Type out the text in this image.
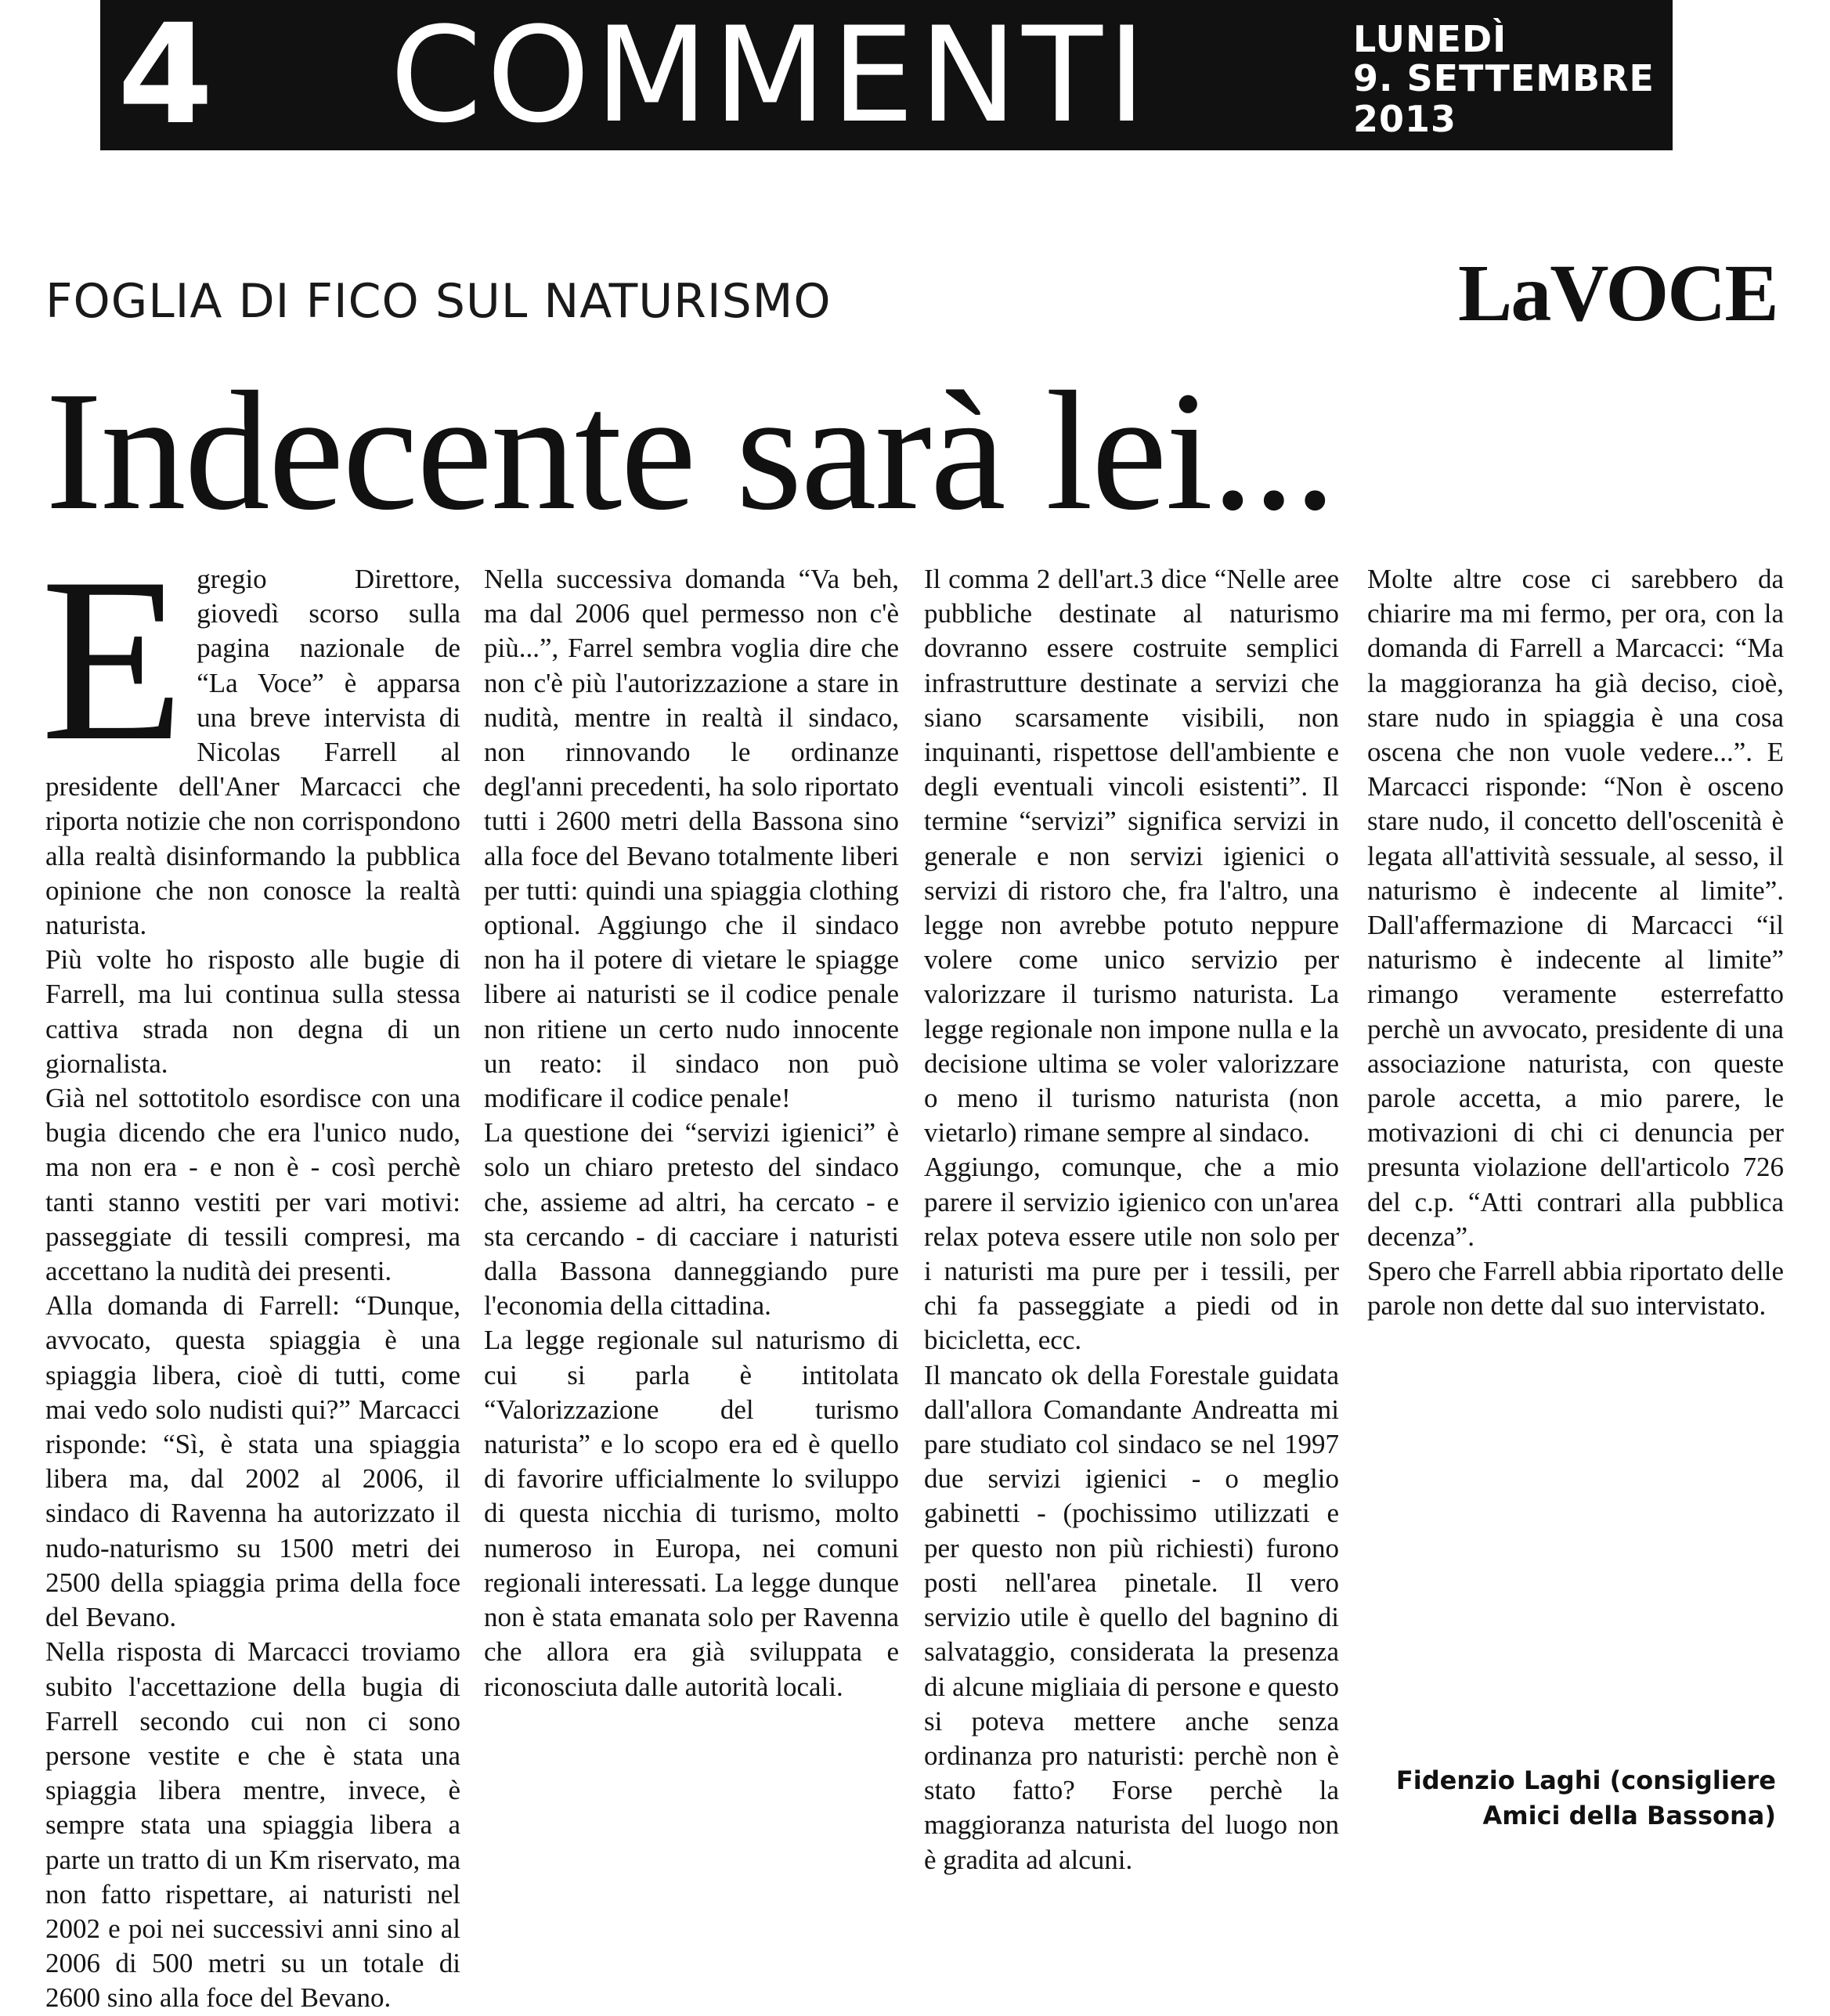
4 COMMENTI	LUNEDÌ
9. SETTEMBRE 2013
FOGLIA DI FICO SUL NATURISMO	LaVOCE
Indecente sarà lei...
E gregio Direttore, giovedì scorso sulla pagina nazionale de “La Voce” è apparsa una breve intervista di Nicolas Farrell al presidente dell'Aner Marcacci che riporta notizie che non corrispondono alla realtà disinformando la pubblica opinione che non conosce la realtà naturista.

Più volte ho risposto alle bugie di Farrell, ma lui continua sulla stessa cattiva strada non degna di un giornalista.

Già nel sottotitolo esordisce con una bugia dicendo che era l'unico nudo, ma non era - e non è - così perchè tanti stanno vestiti per vari motivi: passeggiate di tessili compresi, ma accettano la nudità dei presenti.

Alla domanda di Farrell: “Dunque, avvocato, questa spiaggia è una spiaggia libera, cioè di tutti, come mai vedo solo nudisti qui?” Marcacci risponde: “Sì, è stata una spiaggia libera ma, dal 2002 al 2006, il sindaco di Ravenna ha autorizzato il nudo-naturismo su 1500 metri dei 2500 della spiaggia prima della foce del Bevano.

Nella risposta di Marcacci troviamo subito l'accettazione della bugia di Farrell secondo cui non ci sono persone vestite e che è stata una spiaggia libera mentre, invece, è sempre stata una spiaggia libera a parte un tratto di un Km riservato, ma non fatto rispettare, ai naturisti nel 2002 e poi nei successivi anni sino al 2006 di 500 metri su un totale di 2600 sino alla foce del Bevano.

Nella successiva domanda “Va beh, ma dal 2006 quel permesso non c'è più...”, Farrel sembra voglia dire che non c'è più l'autorizzazione a stare in nudità, mentre in realtà il sindaco, non rinnovando le ordinanze degl'anni precedenti, ha solo riportato tutti i 2600 metri della Bassona sino alla foce del Bevano totalmente liberi per tutti: quindi una spiaggia clothing optional. Aggiungo che il sindaco non ha il potere di vietare le spiagge libere ai naturisti se il codice penale non ritiene un certo nudo innocente un reato: il sindaco non può modificare il codice penale!

La questione dei “servizi igienici” è solo un chiaro pretesto del sindaco che, assieme ad altri, ha cercato - e sta cercando - di cacciare i naturisti dalla Bassona danneggiando pure l'economia della cittadina.

La legge regionale sul naturismo di cui si parla è intitolata “Valorizzazione del turismo naturista” e lo scopo era ed è quello di favorire ufficialmente lo sviluppo di questa nicchia di turismo, molto numeroso in Europa, nei comuni regionali interessati. La legge dunque non è stata emanata solo per Ravenna che allora era già sviluppata e riconosciuta dalle autorità locali.

Il comma 2 dell'art.3 dice “Nelle aree pubbliche destinate al naturismo dovranno essere costruite semplici infrastrutture destinate a servizi che siano scarsamente visibili, non inquinanti, rispettose dell'ambiente e degli eventuali vincoli esistenti”. Il termine “servizi” significa servizi in generale e non servizi igienici o servizi di ristoro che, fra l'altro, una legge non avrebbe potuto neppure volere come unico servizio per valorizzare il turismo naturista. La legge regionale non impone nulla e la decisione ultima se voler valorizzare o meno il turismo naturista (non vietarlo) rimane sempre al sindaco.

Aggiungo, comunque, che a mio parere il servizio igienico con un'area relax poteva essere utile non solo per i naturisti ma pure per i tessili, per chi fa passeggiate a piedi od in bicicletta, ecc.

Il mancato ok della Forestale guidata dall'allora Comandante Andreatta mi pare studiato col sindaco se nel 1997 due servizi igienici - o meglio gabinetti - (pochissimo utilizzati e per questo non più richiesti) furono posti nell'area pinetale. Il vero servizio utile è quello del bagnino di salvataggio, considerata la presenza di alcune migliaia di persone e questo si poteva mettere anche senza ordinanza pro naturisti: perchè non è stato fatto? Forse perchè la maggioranza naturista del luogo non è gradita ad alcuni.

Molte altre cose ci sarebbero da chiarire ma mi fermo, per ora, con la domanda di Farrell a Marcacci: “Ma la maggioranza ha già deciso, cioè, stare nudo in spiaggia è una cosa oscena che non vuole vedere...”. E Marcacci risponde: “Non è osceno stare nudo, il concetto dell'oscenità è legata all'attività sessuale, al sesso, il naturismo è indecente al limite”. Dall'affermazione di Marcacci “il naturismo è indecente al limite” rimango veramente esterrefatto perchè un avvocato, presidente di una associazione naturista, con queste parole accetta, a mio parere, le motivazioni di chi ci denuncia per presunta violazione dell'articolo 726 del c.p. “Atti contrari alla pubblica decenza”.

Spero che Farrell abbia riportato delle parole non dette dal suo intervistato.

Fidenzio Laghi (consigliere
Amici della Bassona)
